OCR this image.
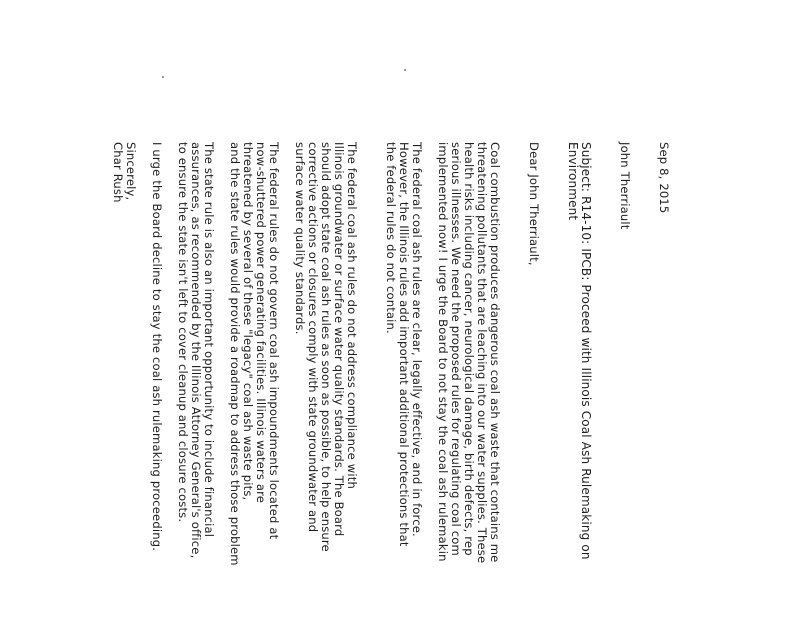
Sep 8, 2015

John Therriault

Subject: R14-10: IPCB: Proceed with Illinois Coal Ash Rulemaking on

Environment

Dear John Therriault,

Coal combustion produces dangerous coal ash waste that contains me

threatening pollutants that are leaching into our water supplies. These

health risks including cancer, neurological damage, birth defects, rep

serious illnesses. We need the proposed rules for regulating coal com

implemented now! I urge the Board to not stay the coal ash rulemakin

The federal coal ash rules are clear, legally effective, and in force.

However, the Illinois rules add important additional protections that

the federal rules do not contain.

The federal coal ash rules do not address compliance with

Illinois groundwater or surface water quality standards. The Board

should adopt state coal ash rules as soon as possible, to help ensure

corrective actions or closures comply with state groundwater and

surface water quality standards.

The federal rules do not govern coal ash impoundments located at

now-shuttered power generating facilities. Illinois waters are

threatened by several of these "legacy" coal ash waste pits,

and the state rules would provide a roadmap to address those problem

The state rule is also an important opportunity to include financial

assurances, as recommended by the Illinois Attorney General's office,

to ensure the state isn't left to cover cleanup and closure costs.

I urge the Board decline to stay the coal ash rulemaking proceeding.

Sincerely,

Char Rush
